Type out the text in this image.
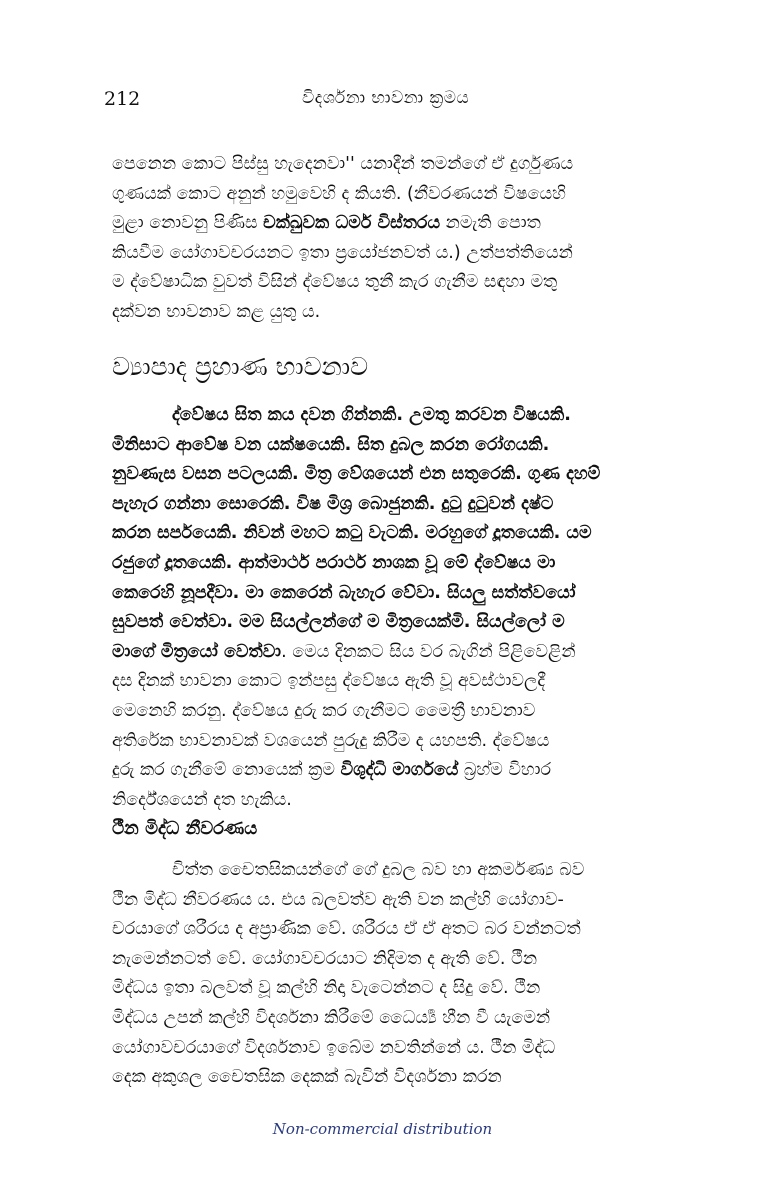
212	විදර්ශනා භාවනා ක්‍රමය

පෙනෙන කොට පිස්සු හැදෙනවා'' යනාදීන් තමන්ගේ ඒ දුර්ගුණය
ගුණයක් කොට අනුන් හමුවෙහි ද කියති. (නීවරණයන් විෂයෙහි
මුළා නොවනු පිණිස චක්ඛුවක ධර්ම විස්තරය නමැති පොත
කියවීම යෝගාවචරයනට ඉතා ප්‍රයෝජනවත් ය.) උත්පත්තියෙන්
ම ද්වේෂාධික වුවත් විසින් ද්වේෂය තුනී කැර ගැනීම සඳහා මතු
දක්වන භාවනාව කළ යුතු ය.

ව්‍යාපාද ප්‍රහාණ භාවනාව

ද්වේෂය සිත කය දවන ගින්නකි. උමතු කරවන විෂයකි.
මිනිසාට ආවේෂ වන යක්ෂයෙකි. සිත දුබල කරන රෝගයකි.
නුවණැස වසන පටලයකි. මිත්‍ර වේශයෙන් එන සතුරෙකි. ගුණ දහම්
පැහැර ගන්නා සොරෙකි. විෂ මිශ්‍ර බොජුනකි. දුටු දුටුවන් දෂ්ට
කරන සර්පයෙකි. නිවන් මහට කටු වැටකි. මරහුගේ දූතයෙකි. යම
රජුගේ දූතයෙකි. ආත්මාර්ථ පරාර්ථ නාශක වූ මේ ද්වේෂය මා
කෙරෙහි නූපදීවා. මා කෙරෙන් බැහැර වේවා. සියලු සත්ත්වයෝ
සුවපත් වෙත්වා. මම සියල්ලන්ගේ ම මිත්‍රයෙක්මි. සියල්ලෝ ම
මාගේ මිත්‍රයෝ වෙත්වා. මෙය දිනකට සිය වර බැගින් පිළිවෙළින්
දස දිනක් භාවනා කොට ඉන්පසු ද්වේෂය ඇති වූ අවස්ථාවලදී
මෙනෙහි කරනු. ද්වේෂය දුරු කර ගැනීමට මෛත්‍රී භාවනාව
අතිරේක භාවනාවක් වශයෙන් පුරුදු කිරීම ද යහපති. ද්වේෂය
දුරු කර ගැනීමේ නොයෙක් ක්‍රම විශුද්ධි මාර්ගයේ බ්‍රහ්ම විහාර
නිර්දේශයෙන් දත හැකිය.

ථීන මිද්ධ නීවරණය

චිත්ත චෛතසිකයන්ගේ ගේ දුබල බව හා අකර්මණ්‍ය බව
ථීන මිද්ධ නීවරණය ය. එය බලවත්ව ඇති වන කල්හි යෝගාව-
චරයාගේ ශරීරය ද අප්‍රාණික වේ. ශරීරය ඒ ඒ අතට බර වන්නටත්
නැමෙන්නටත් වේ. යෝගාවචරයාට නිදිමත ද ඇති වේ. ථීන
මිද්ධය ඉතා බලවත් වූ කල්හි නිදා වැටෙන්නට ද සිදු වේ. ථීන
මිද්ධය උපන් කල්හි විදර්ශනා කිරීමේ ධෛර්‍ය්‍ය හීන වී යැමෙන්
යෝගාවචරයාගේ විදර්ශනාව ඉබේම නවතින්නේ ය. ථීන මිද්ධ
දෙක අකුශල චෛතසික දෙකක් බැවින් විදර්ශනා කරන

Non-commercial distribution
